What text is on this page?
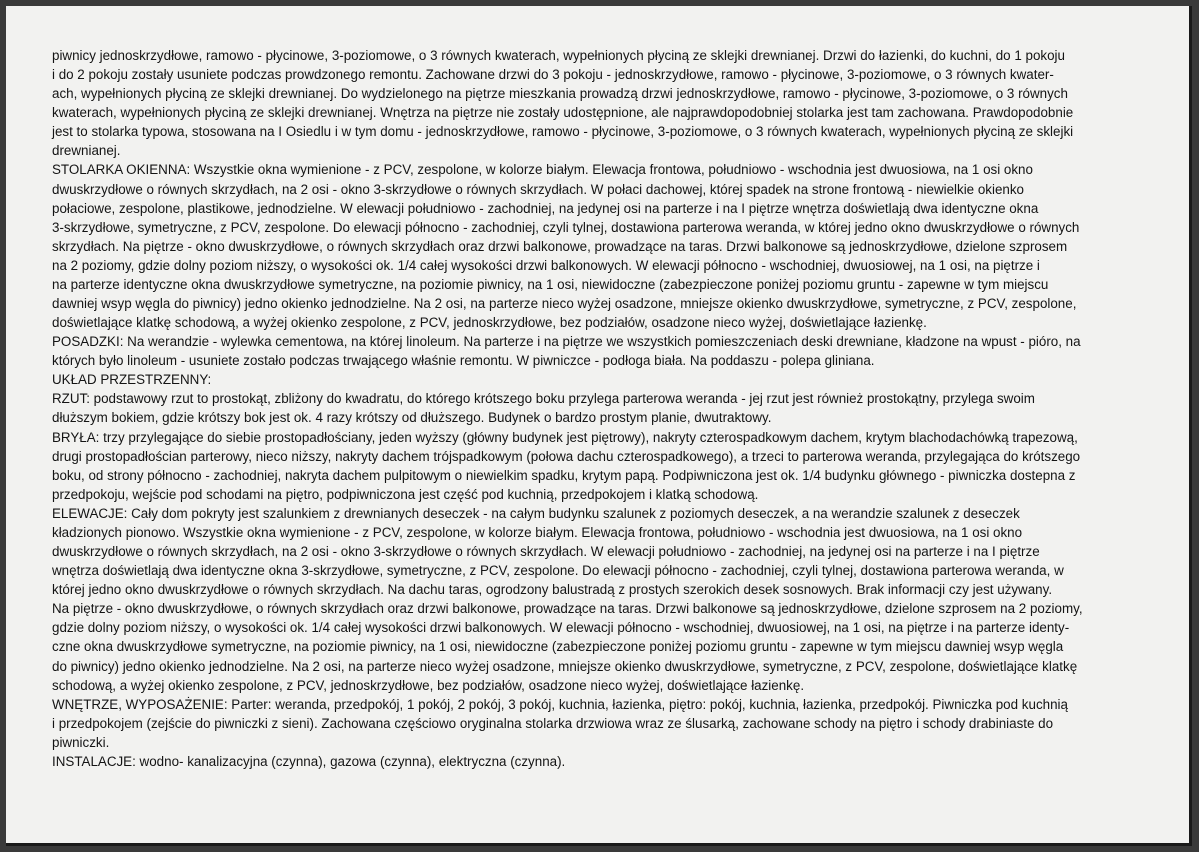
piwnicy jednoskrzydłowe, ramowo - płycinowe, 3-poziomowe, o 3 równych kwaterach, wypełnionych płyciną ze sklejki drewnianej. Drzwi do łazienki, do kuchni, do 1 pokoju
i do 2 pokoju zostały usuniete podczas prowdzonego remontu. Zachowane drzwi do 3 pokoju - jednoskrzydłowe, ramowo - płycinowe, 3-poziomowe, o 3 równych kwater-
ach, wypełnionych płyciną ze sklejki drewnianej. Do wydzielonego na piętrze mieszkania prowadzą drzwi jednoskrzydłowe, ramowo - płycinowe, 3-poziomowe, o 3 równych
kwaterach, wypełnionych płyciną ze sklejki drewnianej. Wnętrza na piętrze nie zostały udostępnione, ale najprawdopodobniej stolarka jest tam zachowana. Prawdopodobnie
jest to stolarka typowa, stosowana na I Osiedlu i w tym domu - jednoskrzydłowe, ramowo - płycinowe, 3-poziomowe, o 3 równych kwaterach, wypełnionych płyciną ze sklejki
drewnianej.
STOLARKA OKIENNA: Wszystkie okna wymienione - z PCV, zespolone, w kolorze białym. Elewacja frontowa, południowo - wschodnia jest dwuosiowa, na 1 osi okno
dwuskrzydłowe o równych skrzydłach, na 2 osi - okno 3-skrzydłowe o równych skrzydłach. W połaci dachowej, której spadek na strone frontową - niewielkie okienko
połaciowe, zespolone, plastikowe, jednodzielne. W elewacji południowo - zachodniej, na jedynej osi na parterze i na I piętrze wnętrza doświetlają dwa identyczne okna
3-skrzydłowe, symetryczne, z PCV, zespolone. Do elewacji północno - zachodniej, czyli tylnej, dostawiona parterowa weranda, w której jedno okno dwuskrzydłowe o równych
skrzydłach. Na piętrze - okno dwuskrzydłowe, o równych skrzydłach oraz drzwi balkonowe, prowadzące na taras. Drzwi balkonowe są jednoskrzydłowe, dzielone szprosem
na 2 poziomy, gdzie dolny poziom niższy, o wysokości ok. 1/4 całej wysokości drzwi balkonowych. W elewacji północno - wschodniej, dwuosiowej, na 1 osi, na piętrze i
na parterze identyczne okna dwuskrzydłowe symetryczne, na poziomie piwnicy, na 1 osi, niewidoczne (zabezpieczone poniżej poziomu gruntu - zapewne w tym miejscu
dawniej wsyp węgla do piwnicy) jedno okienko jednodzielne. Na 2 osi, na parterze nieco wyżej osadzone, mniejsze okienko dwuskrzydłowe, symetryczne, z PCV, zespolone,
doświetlające klatkę schodową, a wyżej okienko zespolone, z PCV, jednoskrzydłowe, bez podziałów, osadzone nieco wyżej, doświetlające łazienkę.
POSADZKI: Na werandzie - wylewka cementowa, na której linoleum. Na parterze i na piętrze we wszystkich pomieszczeniach deski drewniane, kładzone na wpust - pióro, na
których było linoleum - usuniete zostało podczas trwającego właśnie remontu. W piwniczce - podłoga biała. Na poddaszu - polepa gliniana.
UKŁAD PRZESTRZENNY:
RZUT: podstawowy rzut to prostokąt, zbliżony do kwadratu, do którego krótszego boku przylega parterowa weranda - jej rzut jest również prostokątny, przylega swoim
dłuższym bokiem, gdzie krótszy bok jest ok. 4 razy krótszy od dłuższego. Budynek o bardzo prostym planie, dwutraktowy.
BRYŁA: trzy przylegające do siebie prostopadłościany, jeden wyższy (główny budynek jest piętrowy), nakryty czterospadkowym dachem, krytym blachodachówką trapezową,
drugi prostopadłościan parterowy, nieco niższy, nakryty dachem trójspadkowym (połowa dachu czterospadkowego), a trzeci to parterowa weranda, przylegająca do krótszego
boku, od strony północno - zachodniej, nakryta dachem pulpitowym o niewielkim spadku, krytym papą. Podpiwniczona jest ok. 1/4 budynku głównego - piwniczka dostepna z
przedpokoju, wejście pod schodami na piętro, podpiwniczona jest część pod kuchnią, przedpokojem i klatką schodową.
ELEWACJE: Cały dom pokryty jest szalunkiem z drewnianych deseczek - na całym budynku szalunek z poziomych deseczek, a na werandzie szalunek z deseczek
kładzionych pionowo. Wszystkie okna wymienione - z PCV, zespolone, w kolorze białym. Elewacja frontowa, południowo - wschodnia jest dwuosiowa, na 1 osi okno
dwuskrzydłowe o równych skrzydłach, na 2 osi - okno 3-skrzydłowe o równych skrzydłach. W elewacji południowo - zachodniej, na jedynej osi na parterze i na I piętrze
wnętrza doświetlają dwa identyczne okna 3-skrzydłowe, symetryczne, z PCV, zespolone. Do elewacji północno - zachodniej, czyli tylnej, dostawiona parterowa weranda, w
której jedno okno dwuskrzydłowe o równych skrzydłach. Na dachu taras, ogrodzony balustradą z prostych szerokich desek sosnowych. Brak informacji czy jest używany.
Na piętrze - okno dwuskrzydłowe, o równych skrzydłach oraz drzwi balkonowe, prowadzące na taras. Drzwi balkonowe są jednoskrzydłowe, dzielone szprosem na 2 poziomy,
gdzie dolny poziom niższy, o wysokości ok. 1/4 całej wysokości drzwi balkonowych. W elewacji północno - wschodniej, dwuosiowej, na 1 osi, na piętrze i na parterze identy-
czne okna dwuskrzydłowe symetryczne, na poziomie piwnicy, na 1 osi, niewidoczne (zabezpieczone poniżej poziomu gruntu - zapewne w tym miejscu dawniej wsyp węgla
do piwnicy) jedno okienko jednodzielne. Na 2 osi, na parterze nieco wyżej osadzone, mniejsze okienko dwuskrzydłowe, symetryczne, z PCV, zespolone, doświetlające klatkę
schodową, a wyżej okienko zespolone, z PCV, jednoskrzydłowe, bez podziałów, osadzone nieco wyżej, doświetlające łazienkę.
WNĘTRZE, WYPOSAŻENIE: Parter: weranda, przedpokój, 1 pokój, 2 pokój, 3 pokój, kuchnia, łazienka, piętro: pokój, kuchnia, łazienka, przedpokój. Piwniczka pod kuchnią
i przedpokojem (zejście do piwniczki z sieni). Zachowana częściowo oryginalna stolarka drzwiowa wraz ze ślusarką, zachowane schody na piętro i schody drabiniaste do
piwniczki.
INSTALACJE: wodno- kanalizacyjna (czynna), gazowa (czynna), elektryczna (czynna).
